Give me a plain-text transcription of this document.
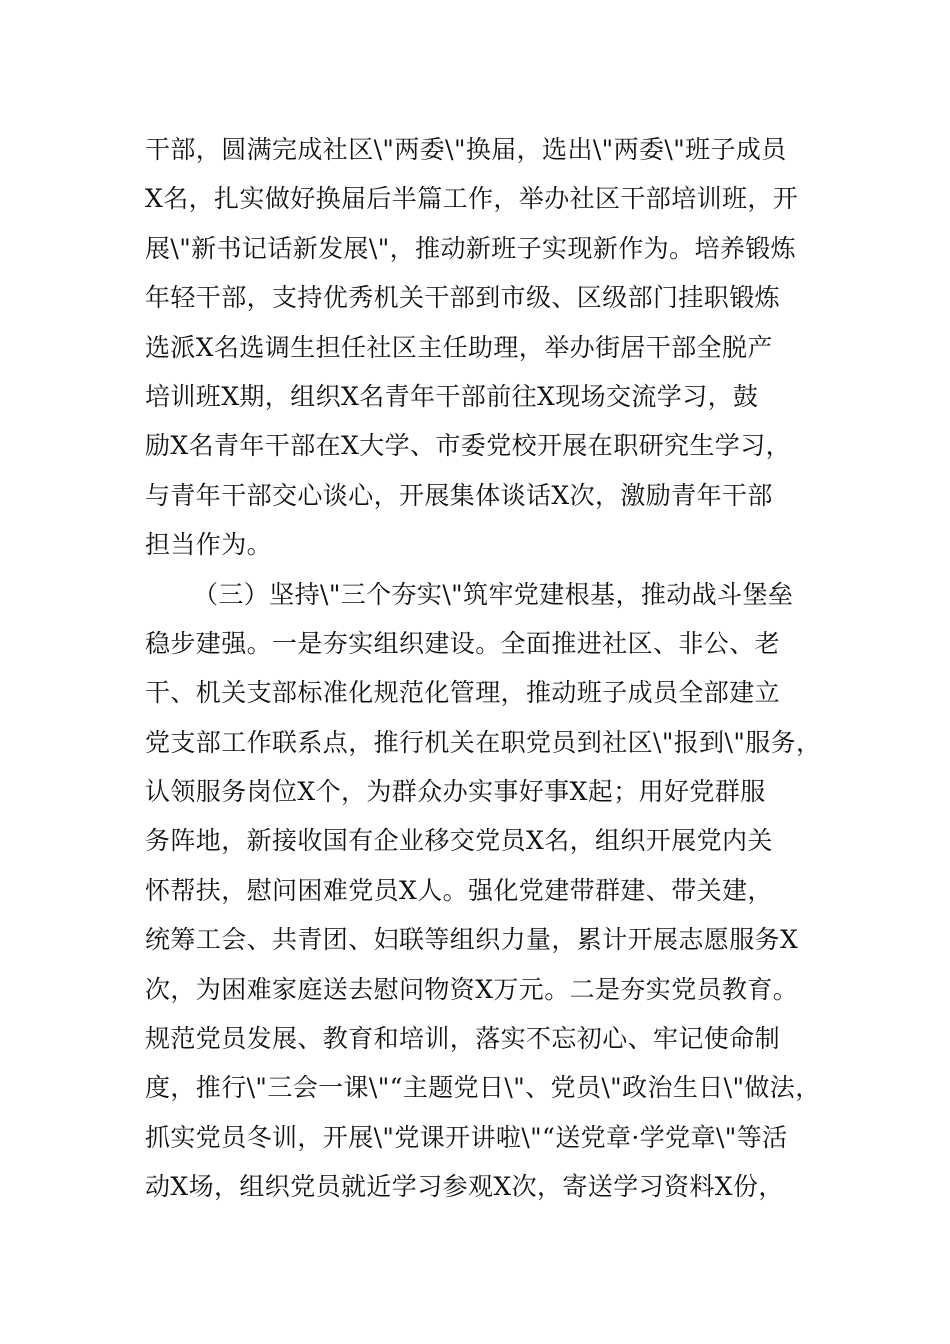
干部，圆满完成社区\"两委\"换届，选出\"两委\"班子成员
X名，扎实做好换届后半篇工作，举办社区干部培训班，开
展\"新书记话新发展\"，推动新班子实现新作为。培养锻炼
年轻干部，支持优秀机关干部到市级、区级部门挂职锻炼
选派X名选调生担任社区主任助理，举办街居干部全脱产
培训班X期，组织X名青年干部前往X现场交流学习，鼓
励X名青年干部在X大学、市委党校开展在职研究生学习，
与青年干部交心谈心，开展集体谈话X次，激励青年干部
担当作为。
（三）坚持\"三个夯实\"筑牢党建根基，推动战斗堡垒
稳步建强。一是夯实组织建设。全面推进社区、非公、老
干、机关支部标准化规范化管理，推动班子成员全部建立
党支部工作联系点，推行机关在职党员到社区\"报到\"服务，
认领服务岗位X个，为群众办实事好事X起；用好党群服
务阵地，新接收国有企业移交党员X名，组织开展党内关
怀帮扶，慰问困难党员X人。强化党建带群建、带关建，
统筹工会、共青团、妇联等组织力量，累计开展志愿服务X
次，为困难家庭送去慰问物资X万元。二是夯实党员教育。
规范党员发展、教育和培训，落实不忘初心、牢记使命制
度，推行\"三会一课\"“主题党日\"、党员\"政治生日\"做法，
抓实党员冬训，开展\"党课开讲啦\"“送党章·学党章\"等活
动X场，组织党员就近学习参观X次，寄送学习资料X份，
